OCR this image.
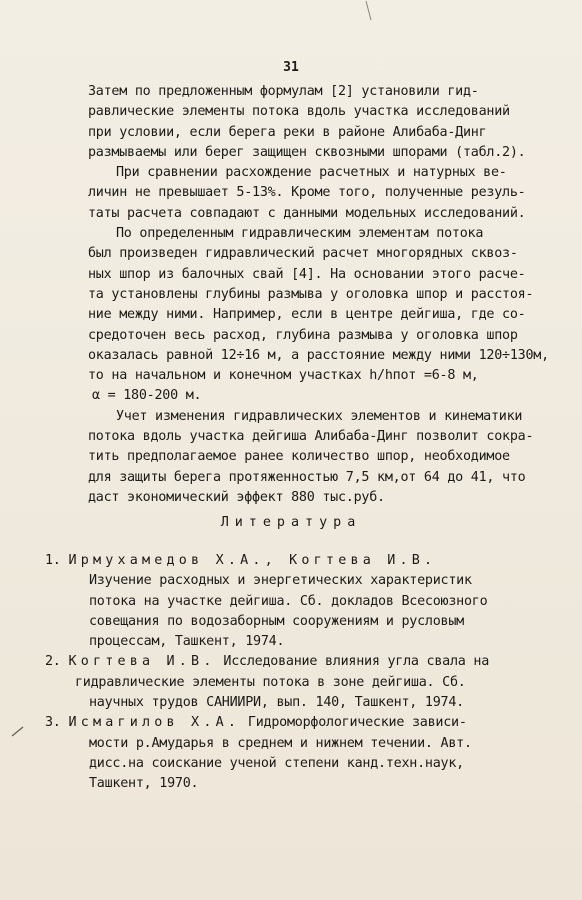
31
Затем по предложенным формулам [2] установили гид-
равлические элементы потока вдоль участка исследований
при условии, если берега реки в районе Алибаба-Динг
размываемы или берег защищен сквозными шпорами (табл.2).
При сравнении расхождение расчетных и натурных ве-
личин не превышает 5-13%. Кроме того, полученные резуль-
таты расчета совпадают с данными модельных исследований.
По определенным гидравлическим элементам потока
был произведен гидравлический расчет многорядных сквоз-
ных шпор из балочных свай [4]. На основании этого расче-
та установлены глубины размыва у оголовка шпор и расстоя-
ние между ними. Например, если в центре дейгиша, где со-
средоточен весь расход, глубина размыва у оголовка шпор
оказалась равной 12÷16 м, а расстояние между ними 120÷130м,
то на начальном и конечном участках h/hпот =6-8 м,
α = 180-200 м.
Учет изменения гидравлических элементов и кинематики
потока вдоль участка дейгиша Алибаба-Динг позволит сокра-
тить предполагаемое ранее количество шпор, необходимое
для защиты берега протяженностью 7,5 км,от 64 до 41, что
даст экономический эффект 880 тыс.руб.
Литература
1. Ирмухамедов Х.А., Когтева И.В.
Изучение расходных и энергетических характеристик
потока на участке дейгиша. Сб. докладов Всесоюзного
совещания по водозаборным сооружениям и русловым
процессам, Ташкент, 1974.
2. Когтева И.В. Исследование влияния угла свала на
гидравлические элементы потока в зоне дейгиша. Сб.
научных трудов САНИИРИ, вып. 140, Ташкент, 1974.
3. Исмагилов Х.А. Гидроморфологические зависи-
мости р.Амударья в среднем и нижнем течении. Авт.
дисс.на соискание ученой степени канд.техн.наук,
Ташкент, 1970.
